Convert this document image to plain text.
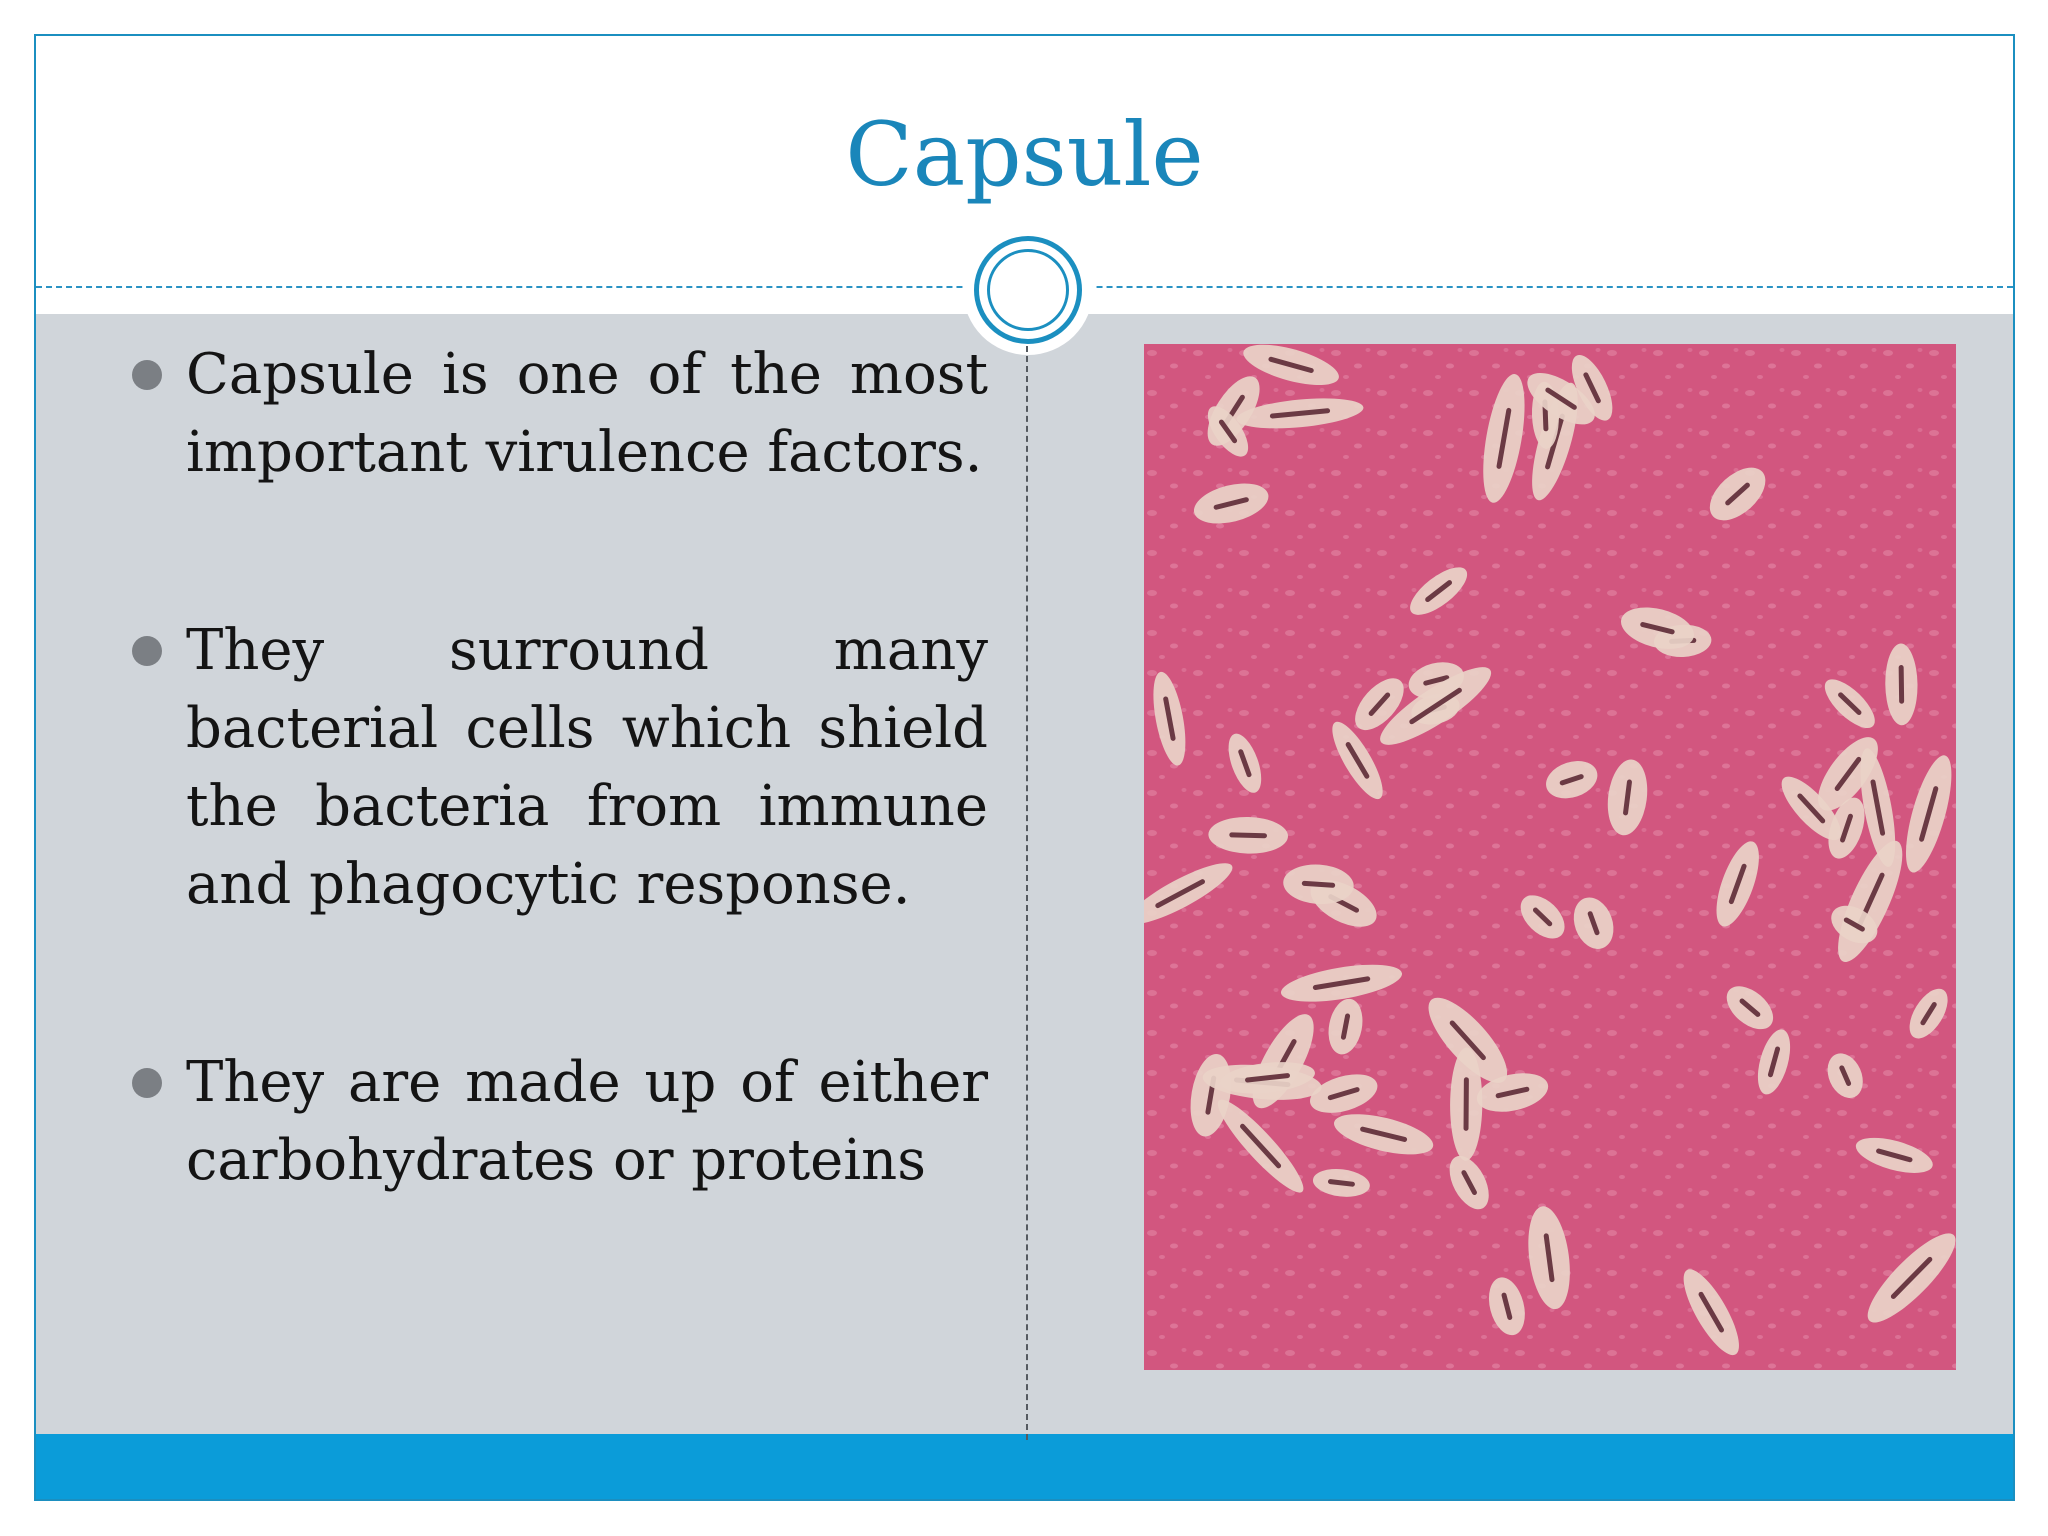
Capsule
Capsule is one of the most important virulence factors.
They surround many bacterial cells which shield the bacteria from immune and phagocytic response.
They are made up of either carbohydrates or proteins
